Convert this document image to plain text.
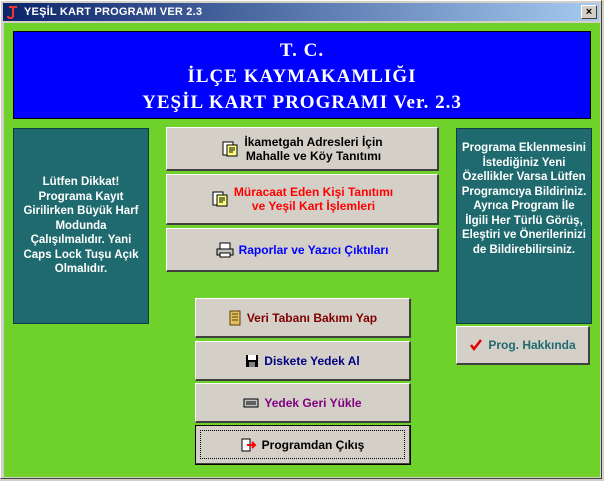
YEŞİL KART PROGRAMI VER 2.3	×
T. C.
İLÇE KAYMAKAMLIĞI
YEŞİL KART PROGRAMI Ver. 2.3
Lütfen Dikkat! Programa Kayıt Girilirken Büyük Harf Modunda Çalışılmalıdır. Yani Caps Lock Tuşu Açık Olmalıdır.
Programa Eklenmesini İstediğiniz Yeni Özellikler Varsa Lütfen Programcıya Bildiriniz. Ayrıca Program İle İlgili Her Türlü Görüş, Eleştiri ve Önerilerinizi de Bildirebilirsiniz.
İkametgah Adresleri İçin
Mahalle ve Köy Tanıtımı
Müracaat Eden Kişi Tanıtımı
ve Yeşil Kart İşlemleri
Raporlar ve Yazıcı Çıktıları
Veri Tabanı Bakımı Yap
Diskete Yedek Al
Yedek Geri Yükle
Programdan Çıkış
Prog. Hakkında
